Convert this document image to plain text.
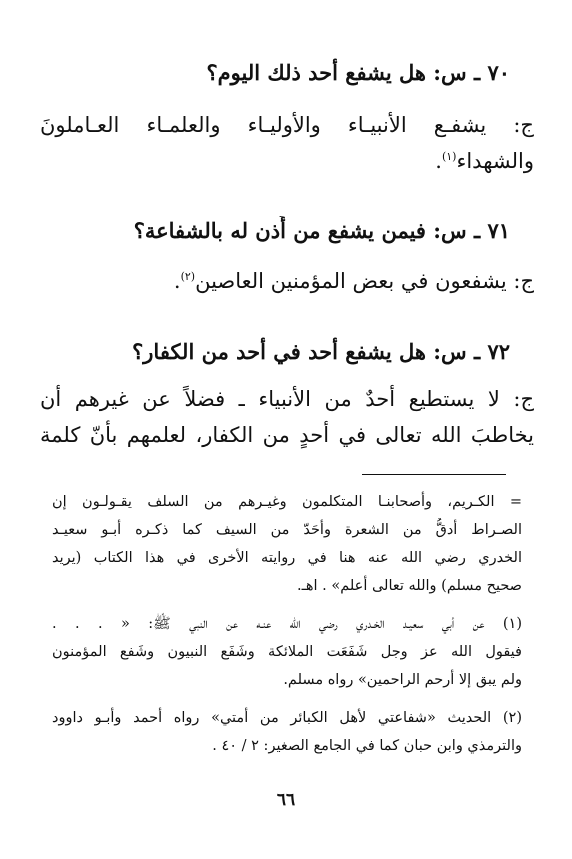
٧٠ ـ س: هل يشفع أحد ذلك اليوم؟
ج: يشفـع الأنبيـاء والأوليـاء والعلمـاء العـاملونَ
والشهداء$^{(١)}$.
٧١ ـ س: فيمن يشفع من أُذن له بالشفاعة؟
ج: يشفعون في بعض المؤمنين العاصين$^{(٢)}$.
٧٢ ـ س: هل يشفع أحد في أحد من الكفار؟
ج: لا يستطيع أحدٌ من الأنبياء ـ فضلاً عن غيرهم أن
يخاطبَ الله تعالى في أحدٍ من الكفار، لعلمهم بأنّ كلمة
= الكـريم، وأصحابنـا المتكلمون وغيـرهم من السلف يقـولـون إن
الصـراط أدقُّ من الشعرة وأحَدّ من السيف كما ذكـره أبـو سعيـد
الخدري رضي الله عنه هنا في روايته الأخرى في هذا الكتاب (يريد
صحيح مسلم) والله تعالى أعلم» . اهـ.
(١) عن أبي سعيـد الخـدري رضي الله عنـه عن النبي ﷺ: « . . .
فيقول الله عز وجل شَفَعَت الملائكة وشَفَع النبيون وشَفع المؤمنون
ولم يبق إلا أرحم الراحمين» رواه مسلم.
(٢) الحديث «شفاعتي لأهل الكبائر من أمتي» رواه أحمد وأبـو داوود
والترمذي وابن حبان كما في الجامع الصغير: ٢ / ٤٠ .
٦٦
